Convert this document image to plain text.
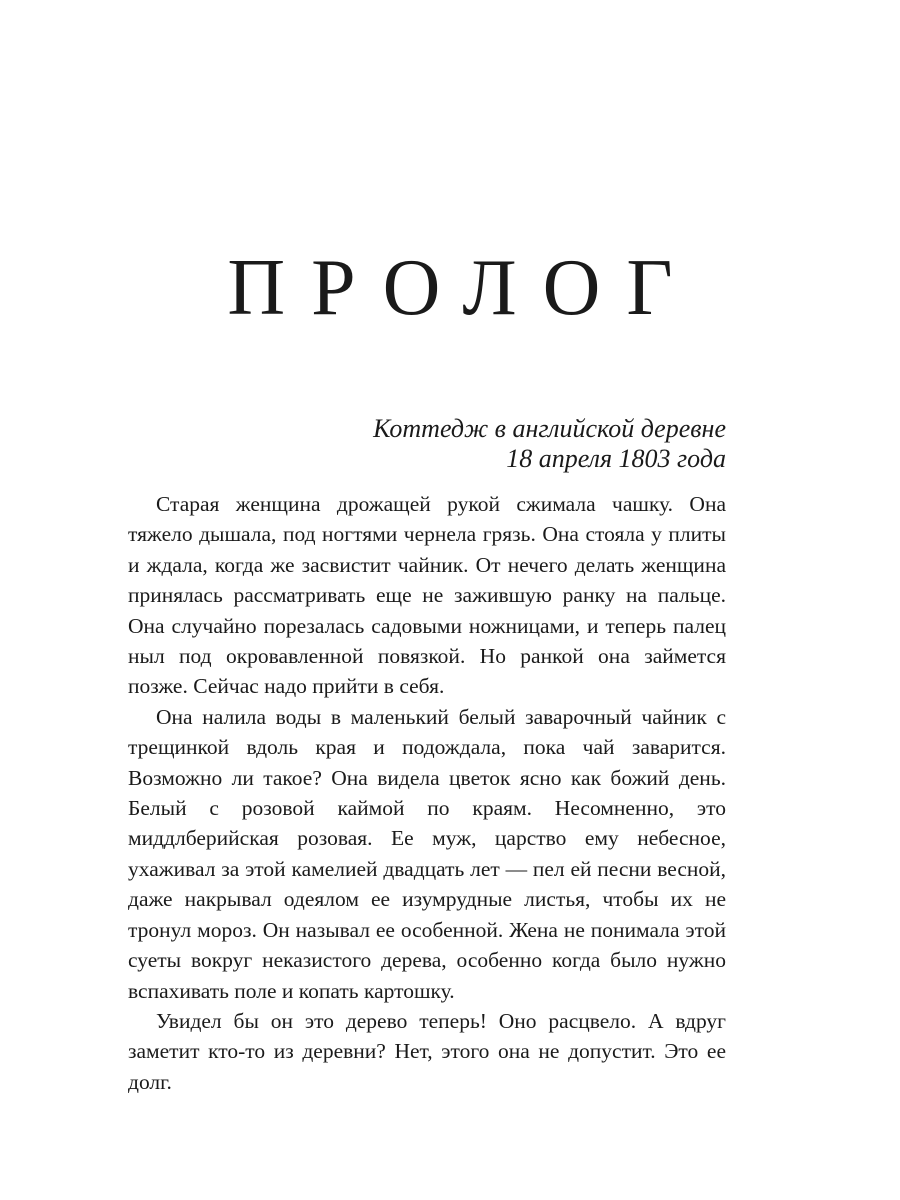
ПРОЛОГ
Коттедж в английской деревне
18 апреля 1803 года

Старая женщина дрожащей рукой сжимала чашку. Она тяжело дышала, под ногтями чернела грязь. Она стояла у плиты и ждала, когда же засвистит чайник. От нечего делать женщина принялась рассматривать еще не зажившую ранку на пальце. Она случайно порезалась садовыми ножницами, и теперь палец ныл под окровавленной повязкой. Но ранкой она займется позже. Сейчас надо прийти в себя.

Она налила воды в маленький белый заварочный чайник с трещинкой вдоль края и подождала, пока чай заварится. Возможно ли такое? Она видела цветок ясно как божий день. Белый с розовой каймой по краям. Несомненно, это миддлберийская розовая. Ее муж, царство ему небесное, ухаживал за этой камелией двадцать лет — пел ей песни весной, даже накрывал одеялом ее изумрудные листья, чтобы их не тронул мороз. Он называл ее особенной. Жена не понимала этой суеты вокруг неказистого дерева, особенно когда было нужно вспахивать поле и копать картошку.

Увидел бы он это дерево теперь! Оно расцвело. А вдруг заметит кто-то из деревни? Нет, этого она не допустит. Это ее долг.
